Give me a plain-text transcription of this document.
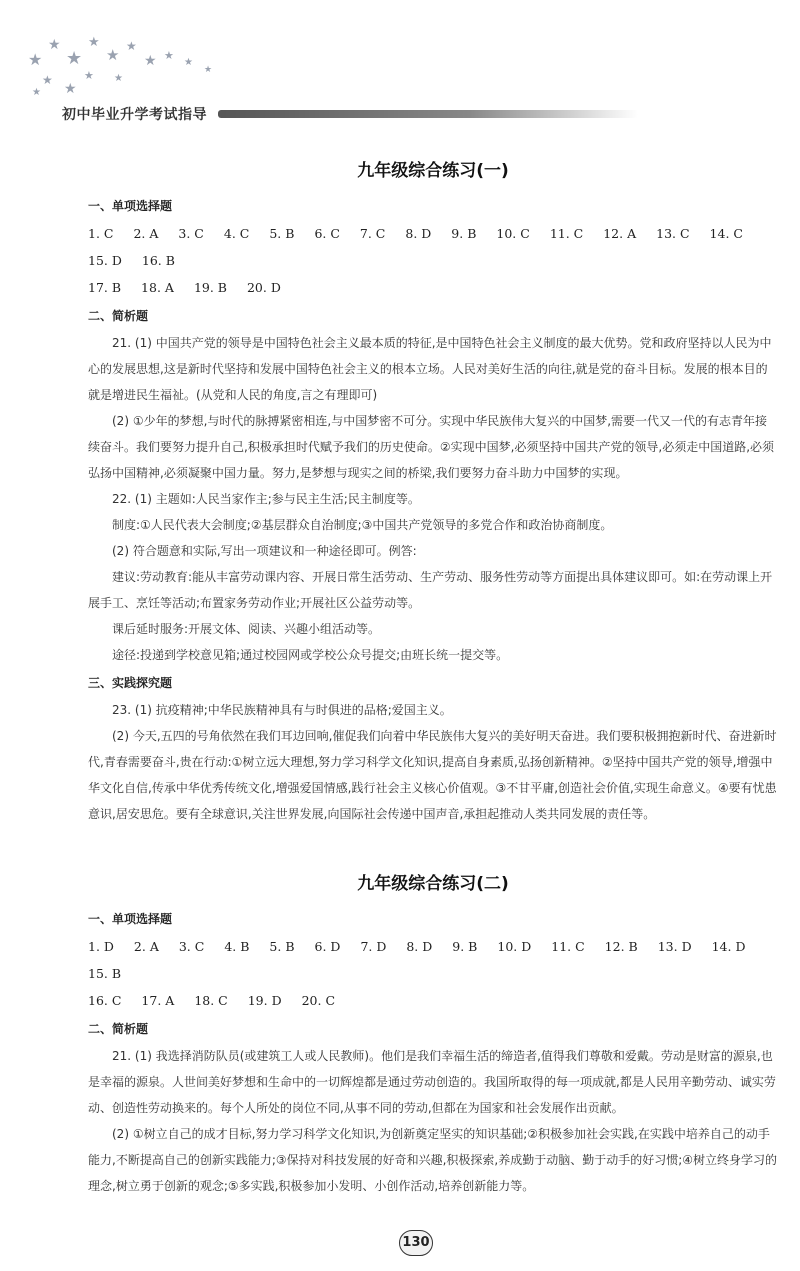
★
★
★
★
★ ★
★ ★
★
★
★
★
★ ★
★
初中毕业升学考试指导
九年级综合练习(一)
一、单项选择题
1. C 2. A 3. C 4. C 5. B 6. C 7. C 8. D 9. B 10. C 11. C 12. A 13. C 14. C15. D 16. B
17. B 18. A 19. B 20. D
二、简析题

21. (1) 中国共产党的领导是中国特色社会主义最本质的特征,是中国特色社会主义制度的最大优势。党和政府坚持以人民为中心的发展思想,这是新时代坚持和发展中国特色社会主义的根本立场。人民对美好生活的向往,就是党的奋斗目标。发展的根本目的就是增进民生福祉。(从党和人民的角度,言之有理即可)

(2) ①少年的梦想,与时代的脉搏紧密相连,与中国梦密不可分。实现中华民族伟大复兴的中国梦,需要一代又一代的有志青年接续奋斗。我们要努力提升自己,积极承担时代赋予我们的历史使命。②实现中国梦,必须坚持中国共产党的领导,必须走中国道路,必须弘扬中国精神,必须凝聚中国力量。努力,是梦想与现实之间的桥梁,我们要努力奋斗助力中国梦的实现。

22. (1) 主题如:人民当家作主;参与民主生活;民主制度等。

制度:①人民代表大会制度;②基层群众自治制度;③中国共产党领导的多党合作和政治协商制度。

(2) 符合题意和实际,写出一项建议和一种途径即可。例答:

建议:劳动教育:能从丰富劳动课内容、开展日常生活劳动、生产劳动、服务性劳动等方面提出具体建议即可。如:在劳动课上开展手工、烹饪等活动;布置家务劳动作业;开展社区公益劳动等。

课后延时服务:开展文体、阅读、兴趣小组活动等。

途径:投递到学校意见箱;通过校园网或学校公众号提交;由班长统一提交等。

三、实践探究题

23. (1) 抗疫精神;中华民族精神具有与时俱进的品格;爱国主义。

(2) 今天,五四的号角依然在我们耳边回响,催促我们向着中华民族伟大复兴的美好明天奋进。我们要积极拥抱新时代、奋进新时代,青春需要奋斗,贵在行动:①树立远大理想,努力学习科学文化知识,提高自身素质,弘扬创新精神。②坚持中国共产党的领导,增强中华文化自信,传承中华优秀传统文化,增强爱国情感,践行社会主义核心价值观。③不甘平庸,创造社会价值,实现生命意义。④要有忧患意识,居安思危。要有全球意识,关注世界发展,向国际社会传递中国声音,承担起推动人类共同发展的责任等。

九年级综合练习(二)
一、单项选择题
1. D 2. A 3. C 4. B 5. B 6. D 7. D 8. D 9. B 10. D 11. C 12. B 13. D 14. D15. B
16. C 17. A 18. C 19. D 20. C
二、简析题

21. (1) 我选择消防队员(或建筑工人或人民教师)。他们是我们幸福生活的缔造者,值得我们尊敬和爱戴。劳动是财富的源泉,也是幸福的源泉。人世间美好梦想和生命中的一切辉煌都是通过劳动创造的。我国所取得的每一项成就,都是人民用辛勤劳动、诚实劳动、创造性劳动换来的。每个人所处的岗位不同,从事不同的劳动,但都在为国家和社会发展作出贡献。

(2) ①树立自己的成才目标,努力学习科学文化知识,为创新奠定坚实的知识基础;②积极参加社会实践,在实践中培养自己的动手能力,不断提高自己的创新实践能力;③保持对科技发展的好奇和兴趣,积极探索,养成勤于动脑、勤于动手的好习惯;④树立终身学习的理念,树立勇于创新的观念;⑤多实践,积极参加小发明、小创作活动,培养创新能力等。

130
